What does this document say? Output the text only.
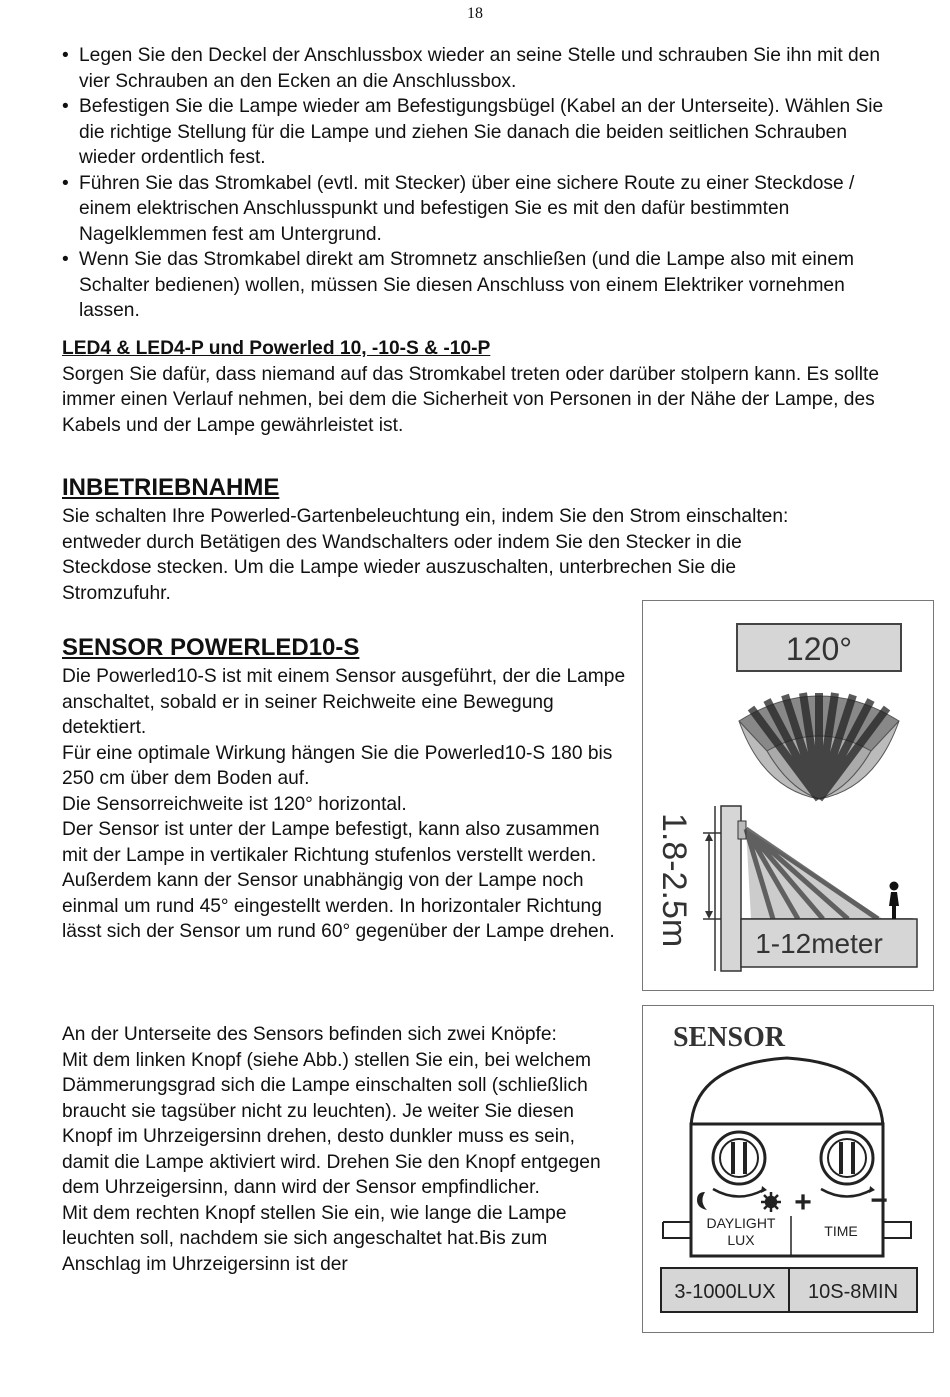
18
• Legen Sie den Deckel der Anschlussbox wieder an seine Stelle und schrauben Sie ihn mit den vier Schrauben an den Ecken an die Anschlussbox.
• Befestigen Sie die Lampe wieder am Befestigungsbügel (Kabel an der Unterseite). Wählen Sie die richtige Stellung für die Lampe und ziehen Sie danach die beiden seitlichen Schrauben wieder ordentlich fest.
• Führen Sie das Stromkabel (evtl. mit Stecker) über eine sichere Route zu einer Steckdose / einem elektrischen Anschlusspunkt und befestigen Sie es mit den dafür bestimmten Nagelklemmen fest am Untergrund.
• Wenn Sie das Stromkabel direkt am Stromnetz anschließen (und die Lampe also mit einem Schalter bedienen) wollen, müssen Sie diesen Anschluss von einem Elektriker vornehmen lassen.
LED4 & LED4-P und Powerled 10, -10-S & -10-P

Sorgen Sie dafür, dass niemand auf das Stromkabel treten oder darüber stolpern kann. Es sollte immer einen Verlauf nehmen, bei dem die Sicherheit von Personen in der Nähe der Lampe, des Kabels und der Lampe gewährleistet ist.

INBETRIEBNAHME
Sie schalten Ihre Powerled-Gartenbeleuchtung ein, indem Sie den Strom einschalten: entweder durch Betätigen des Wandschalters oder indem Sie den Stecker in die Steckdose stecken. Um die Lampe wieder auszuschalten, unterbrechen Sie die Stromzufuhr.
SENSOR POWERLED10-S

Die Powerled10-S ist mit einem Sensor ausgeführt, der die Lampe anschaltet, sobald er in seiner Reichweite eine Bewegung detektiert.

Für eine optimale Wirkung hängen Sie die Powerled10-S 180 bis 250 cm über dem Boden auf.

Die Sensorreichweite ist 120° horizontal.

Der Sensor ist unter der Lampe befestigt, kann also zusammen mit der Lampe in vertikaler Richtung stufenlos verstellt werden. Außerdem kann der Sensor unabhängig von der Lampe noch einmal um rund 45° eingestellt werden. In horizontaler Richtung lässt sich der Sensor um rund 60° gegenüber der Lampe drehen.

An der Unterseite des Sensors befinden sich zwei Knöpfe:

Mit dem linken Knopf (siehe Abb.) stellen Sie ein, bei welchem Dämmerungsgrad sich die Lampe einschalten soll (schließlich braucht sie tagsüber nicht zu leuchten). Je weiter Sie diesen Knopf im Uhrzeigersinn drehen, desto dunkler muss es sein, damit die Lampe aktiviert wird. Drehen Sie den Knopf entgegen dem Uhrzeigersinn, dann wird der Sensor empfindlicher.

Mit dem rechten Knopf stellen Sie ein, wie lange die Lampe leuchten soll, nachdem sie sich angeschaltet hat.Bis zum Anschlag im Uhrzeigersinn ist der

120°
1-12meter
1.8-2.5m
SENSOR
+ −
DAYLIGHT
LUX
TIME
3-1000LUX 10S-8MIN
